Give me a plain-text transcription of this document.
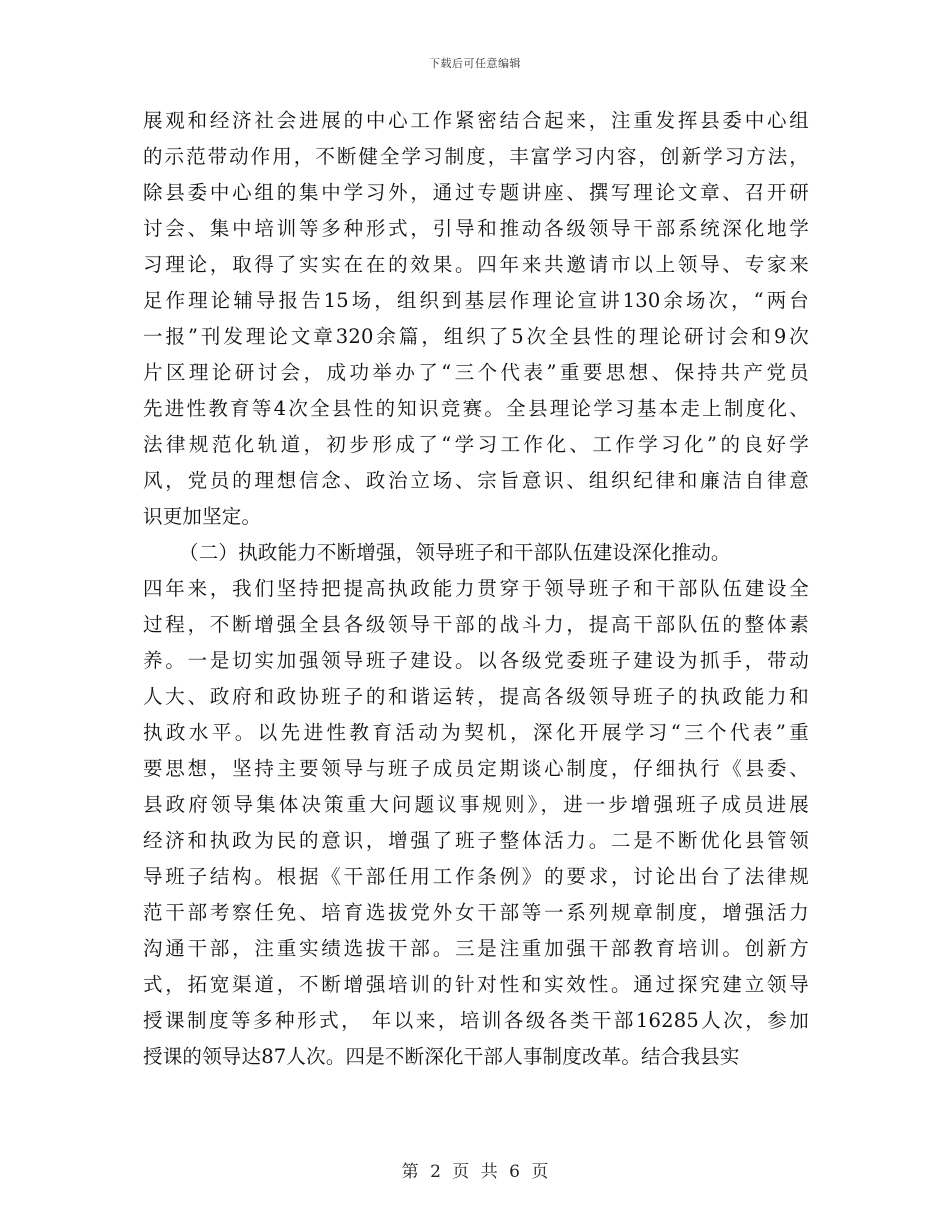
下载后可任意编辑
展观和经济社会进展的中心工作紧密结合起来，注重发挥县委中心组
的示范带动作用，不断健全学习制度，丰富学习内容，创新学习方法，
除县委中心组的集中学习外，通过专题讲座、撰写理论文章、召开研
讨会、集中培训等多种形式，引导和推动各级领导干部系统深化地学
习理论，取得了实实在在的效果。四年来共邀请市以上领导、专家来
足作理论辅导报告15场，组织到基层作理论宣讲130余场次，“两台
一报”刊发理论文章320余篇，组织了5次全县性的理论研讨会和9次
片区理论研讨会，成功举办了“三个代表”重要思想、保持共产党员
先进性教育等4次全县性的知识竞赛。全县理论学习基本走上制度化、
法律规范化轨道，初步形成了“学习工作化、工作学习化”的良好学
风，党员的理想信念、政治立场、宗旨意识、组织纪律和廉洁自律意
识更加坚定。
（二）执政能力不断增强，领导班子和干部队伍建设深化推动。
四年来，我们坚持把提高执政能力贯穿于领导班子和干部队伍建设全
过程，不断增强全县各级领导干部的战斗力，提高干部队伍的整体素
养。一是切实加强领导班子建设。以各级党委班子建设为抓手，带动
人大、政府和政协班子的和谐运转，提高各级领导班子的执政能力和
执政水平。以先进性教育活动为契机，深化开展学习“三个代表”重
要思想，坚持主要领导与班子成员定期谈心制度，仔细执行《县委、
县政府领导集体决策重大问题议事规则》，进一步增强班子成员进展
经济和执政为民的意识，增强了班子整体活力。二是不断优化县管领
导班子结构。根据《干部任用工作条例》的要求，讨论出台了法律规
范干部考察任免、培育选拔党外女干部等一系列规章制度，增强活力
沟通干部，注重实绩选拔干部。三是注重加强干部教育培训。创新方
式，拓宽渠道，不断增强培训的针对性和实效性。通过探究建立领导
授课制度等多种形式， 年以来，培训各级各类干部16285人次，参加
授课的领导达87人次。四是不断深化干部人事制度改革。结合我县实
第 2 页 共 6 页
